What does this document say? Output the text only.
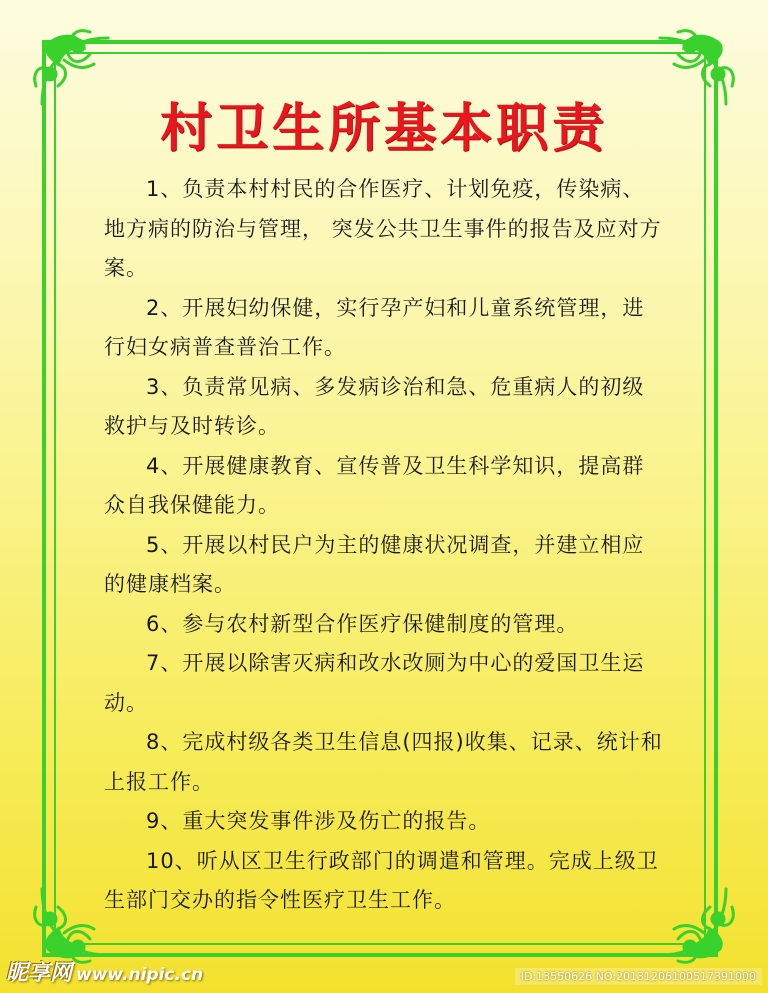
村卫生所基本职责

1、负责本村村民的合作医疗、计划免疫，传染病、地方病的防治与管理， 突发公共卫生事件的报告及应对方案。

2、开展妇幼保健，实行孕产妇和儿童系统管理，进行妇女病普查普治工作。

3、负责常见病、多发病诊治和急、危重病人的初级救护与及时转诊。

4、开展健康教育、宣传普及卫生科学知识，提高群众自我保健能力。

5、开展以村民户为主的健康状况调查，并建立相应的健康档案。

6、参与农村新型合作医疗保健制度的管理。

7、开展以除害灭病和改水改厕为中心的爱国卫生运动。

8、完成村级各类卫生信息(四报)收集、记录、统计和上报工作。

9、重大突发事件涉及伤亡的报告。

10、听从区卫生行政部门的调遣和管理。完成上级卫生部门交办的指令性医疗卫生工作。

昵享网 www.nipic.cn	ID:13550626 NO:20131206100517391000
